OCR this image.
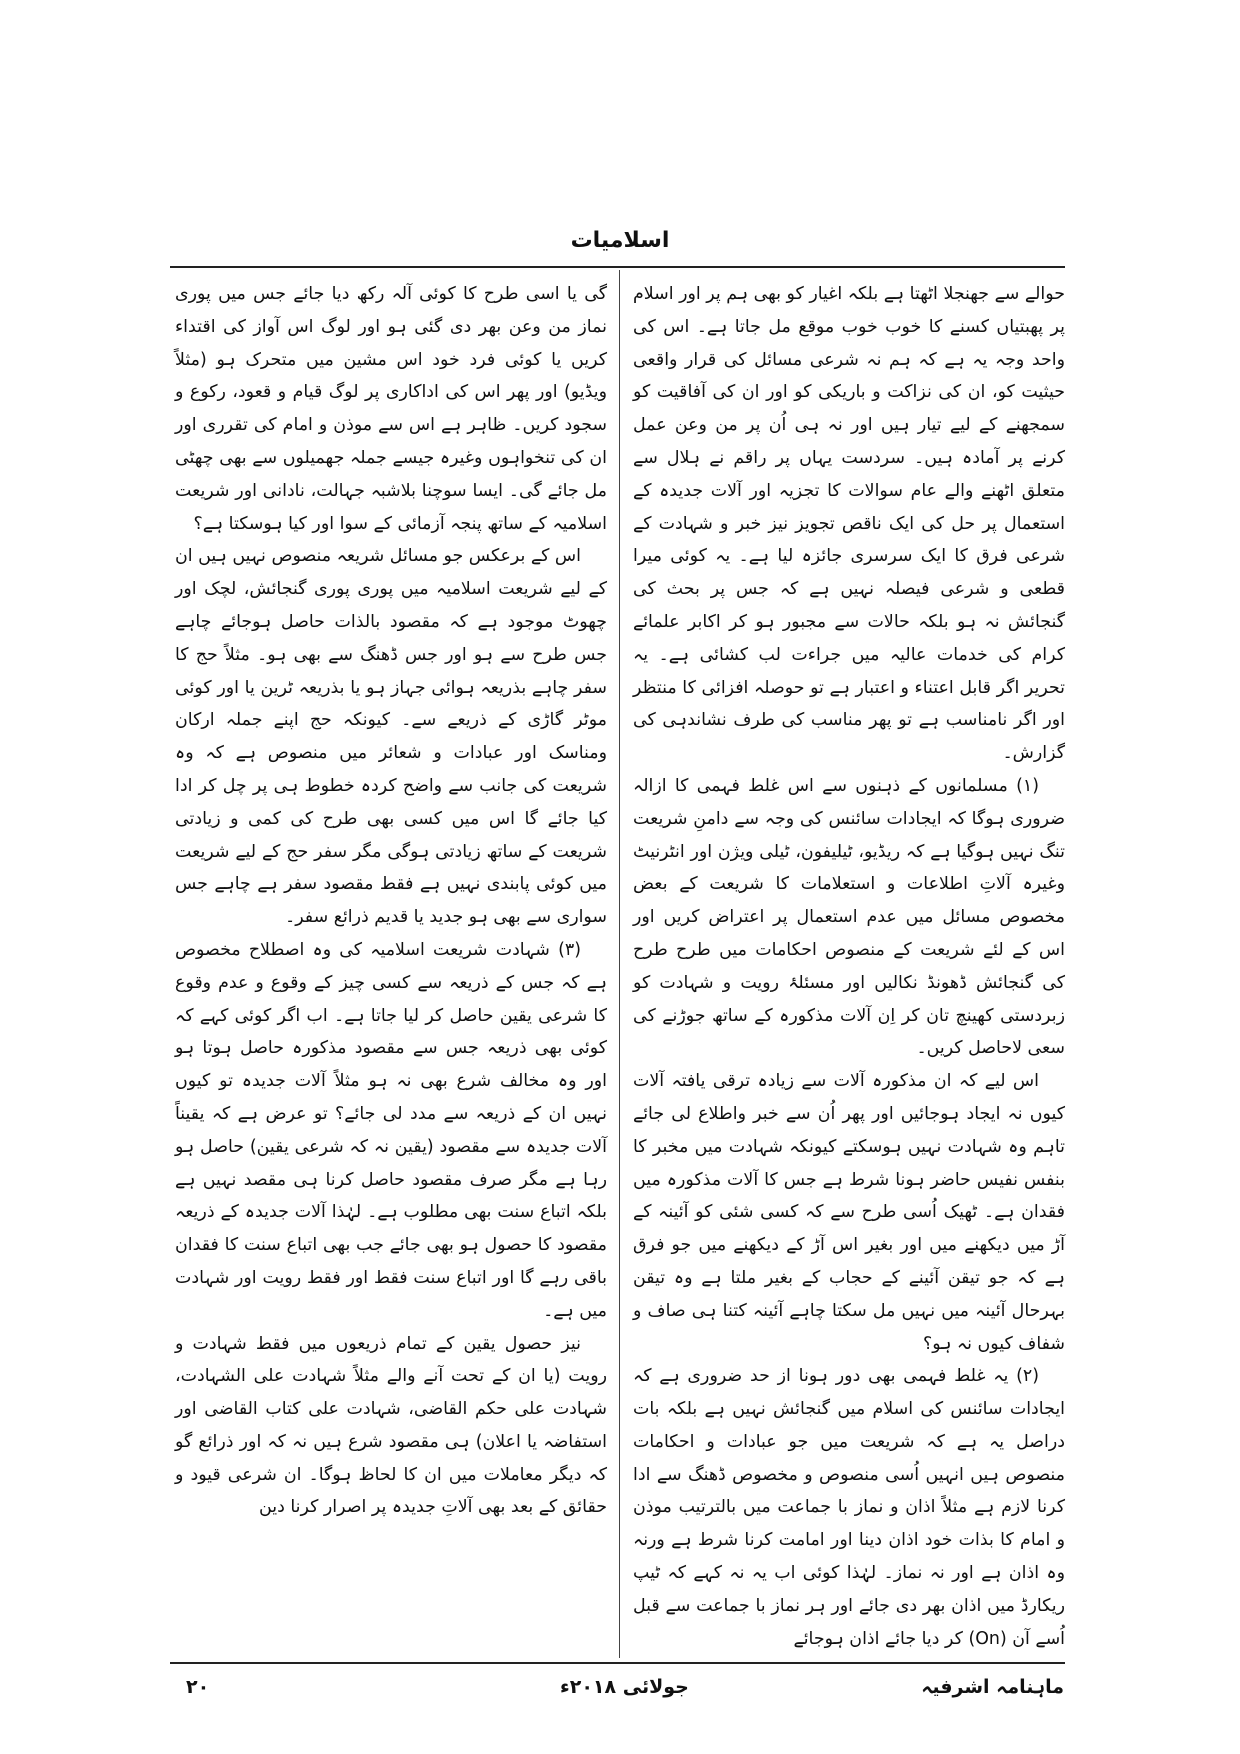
اسلامیات

حوالے سے جھنجلا اٹھتا ہے بلکہ اغیار کو بھی ہم پر اور اسلام پر پھبتیاں کسنے کا خوب خوب موقع مل جاتا ہے۔ اس کی واحد وجہ یہ ہے کہ ہم نہ شرعی مسائل کی قرار واقعی حیثیت کو، ان کی نزاکت و باریکی کو اور ان کی آفاقیت کو سمجھنے کے لیے تیار ہیں اور نہ ہی اُن پر من وعن عمل کرنے پر آمادہ ہیں۔ سردست یہاں پر راقم نے ہلال سے متعلق اٹھنے والے عام سوالات کا تجزیہ اور آلات جدیدہ کے استعمال پر حل کی ایک ناقص تجویز نیز خبر و شہادت کے شرعی فرق کا ایک سرسری جائزہ لیا ہے۔ یہ کوئی میرا قطعی و شرعی فیصلہ نہیں ہے کہ جس پر بحث کی گنجائش نہ ہو بلکہ حالات سے مجبور ہو کر اکابر علمائے کرام کی خدمات عالیہ میں جراءت لب کشائی ہے۔ یہ تحریر اگر قابل اعتناء و اعتبار ہے تو حوصلہ افزائی کا منتظر اور اگر نامناسب ہے تو پھر مناسب کی طرف نشاندہی کی گزارش۔

(۱) مسلمانوں کے ذہنوں سے اس غلط فہمی کا ازالہ ضروری ہوگا کہ ایجادات سائنس کی وجہ سے دامنِ شریعت تنگ نہیں ہوگیا ہے کہ ریڈیو، ٹیلیفون، ٹیلی ویژن اور انٹرنیٹ وغیرہ آلاتِ اطلاعات و استعلامات کا شریعت کے بعض مخصوص مسائل میں عدم استعمال پر اعتراض کریں اور اس کے لئے شریعت کے منصوص احکامات میں طرح طرح کی گنجائش ڈھونڈ نکالیں اور مسئلۂ رویت و شہادت کو زبردستی کھینچ تان کر اِن آلات مذکورہ کے ساتھ جوڑنے کی سعی لاحاصل کریں۔

اس لیے کہ ان مذکورہ آلات سے زیادہ ترقی یافتہ آلات کیوں نہ ایجاد ہوجائیں اور پھر اُن سے خبر واطلاع لی جائے تاہم وہ شہادت نہیں ہوسکتے کیونکہ شہادت میں مخبر کا بنفس نفیس حاضر ہونا شرط ہے جس کا آلات مذکورہ میں فقدان ہے۔ ٹھیک اُسی طرح سے کہ کسی شئی کو آئینہ کے آڑ میں دیکھنے میں اور بغیر اس آڑ کے دیکھنے میں جو فرق ہے کہ جو تیقن آئینے کے حجاب کے بغیر ملتا ہے وہ تیقن بہرحال آئینہ میں نہیں مل سکتا چاہے آئینہ کتنا ہی صاف و شفاف کیوں نہ ہو؟

(۲) یہ غلط فہمی بھی دور ہونا از حد ضروری ہے کہ ایجادات سائنس کی اسلام میں گنجائش نہیں ہے بلکہ بات دراصل یہ ہے کہ شریعت میں جو عبادات و احکامات منصوص ہیں انہیں اُسی منصوص و مخصوص ڈھنگ سے ادا کرنا لازم ہے مثلاً اذان و نماز با جماعت میں بالترتیب موذن و امام کا بذات خود اذان دینا اور امامت کرنا شرط ہے ورنہ وہ اذان ہے اور نہ نماز۔ لہٰذا کوئی اب یہ نہ کہے کہ ٹیپ ریکارڈ میں اذان بھر دی جائے اور ہر نماز با جماعت سے قبل اُسے آن (On) کر دیا جائے اذان ہوجائے

گی یا اسی طرح کا کوئی آلہ رکھ دیا جائے جس میں پوری نماز من وعن بھر دی گئی ہو اور لوگ اس آواز کی اقتداء کریں یا کوئی فرد خود اس مشین میں متحرک ہو (مثلاً ویڈیو) اور پھر اس کی اداکاری پر لوگ قیام و قعود، رکوع و سجود کریں۔ ظاہر ہے اس سے موذن و امام کی تقرری اور ان کی تنخواہوں وغیرہ جیسے جملہ جھمیلوں سے بھی چھٹی مل جائے گی۔ ایسا سوچنا بلاشبہ جہالت، نادانی اور شریعت اسلامیہ کے ساتھ پنجہ آزمائی کے سوا اور کیا ہوسکتا ہے؟

اس کے برعکس جو مسائل شریعہ منصوص نہیں ہیں ان کے لیے شریعت اسلامیہ میں پوری پوری گنجائش، لچک اور چھوٹ موجود ہے کہ مقصود بالذات حاصل ہوجائے چاہے جس طرح سے ہو اور جس ڈھنگ سے بھی ہو۔ مثلاً حج کا سفر چاہے بذریعہ ہوائی جہاز ہو یا بذریعہ ٹرین یا اور کوئی موٹر گاڑی کے ذریعے سے۔ کیونکہ حج اپنے جملہ ارکان ومناسک اور عبادات و شعائر میں منصوص ہے کہ وہ شریعت کی جانب سے واضح کردہ خطوط ہی پر چل کر ادا کیا جائے گا اس میں کسی بھی طرح کی کمی و زیادتی شریعت کے ساتھ زیادتی ہوگی مگر سفر حج کے لیے شریعت میں کوئی پابندی نہیں ہے فقط مقصود سفر ہے چاہے جس سواری سے بھی ہو جدید یا قدیم ذرائع سفر۔

(۳) شہادت شریعت اسلامیہ کی وہ اصطلاح مخصوص ہے کہ جس کے ذریعہ سے کسی چیز کے وقوع و عدم وقوع کا شرعی یقین حاصل کر لیا جاتا ہے۔ اب اگر کوئی کہے کہ کوئی بھی ذریعہ جس سے مقصود مذکورہ حاصل ہوتا ہو اور وہ مخالف شرع بھی نہ ہو مثلاً آلات جدیدہ تو کیوں نہیں ان کے ذریعہ سے مدد لی جائے؟ تو عرض ہے کہ یقیناً آلات جدیدہ سے مقصود (یقین نہ کہ شرعی یقین) حاصل ہو رہا ہے مگر صرف مقصود حاصل کرنا ہی مقصد نہیں ہے بلکہ اتباع سنت بھی مطلوب ہے۔ لہٰذا آلات جدیدہ کے ذریعہ مقصود کا حصول ہو بھی جائے جب بھی اتباع سنت کا فقدان باقی رہے گا اور اتباع سنت فقط اور فقط رویت اور شہادت میں ہے۔

نیز حصول یقین کے تمام ذریعوں میں فقط شہادت و رویت (یا ان کے تحت آنے والے مثلاً شہادت علی الشہادت، شہادت علی حکم القاضی، شہادت علی کتاب القاضی اور استفاضہ یا اعلان) ہی مقصود شرع ہیں نہ کہ اور ذرائع گو کہ دیگر معاملات میں ان کا لحاظ ہوگا۔ ان شرعی قیود و حقائق کے بعد بھی آلاتِ جدیدہ پر اصرار کرنا دین

ماہنامہ اشرفیہ
جولائی ۲۰۱۸ء
۲۰
